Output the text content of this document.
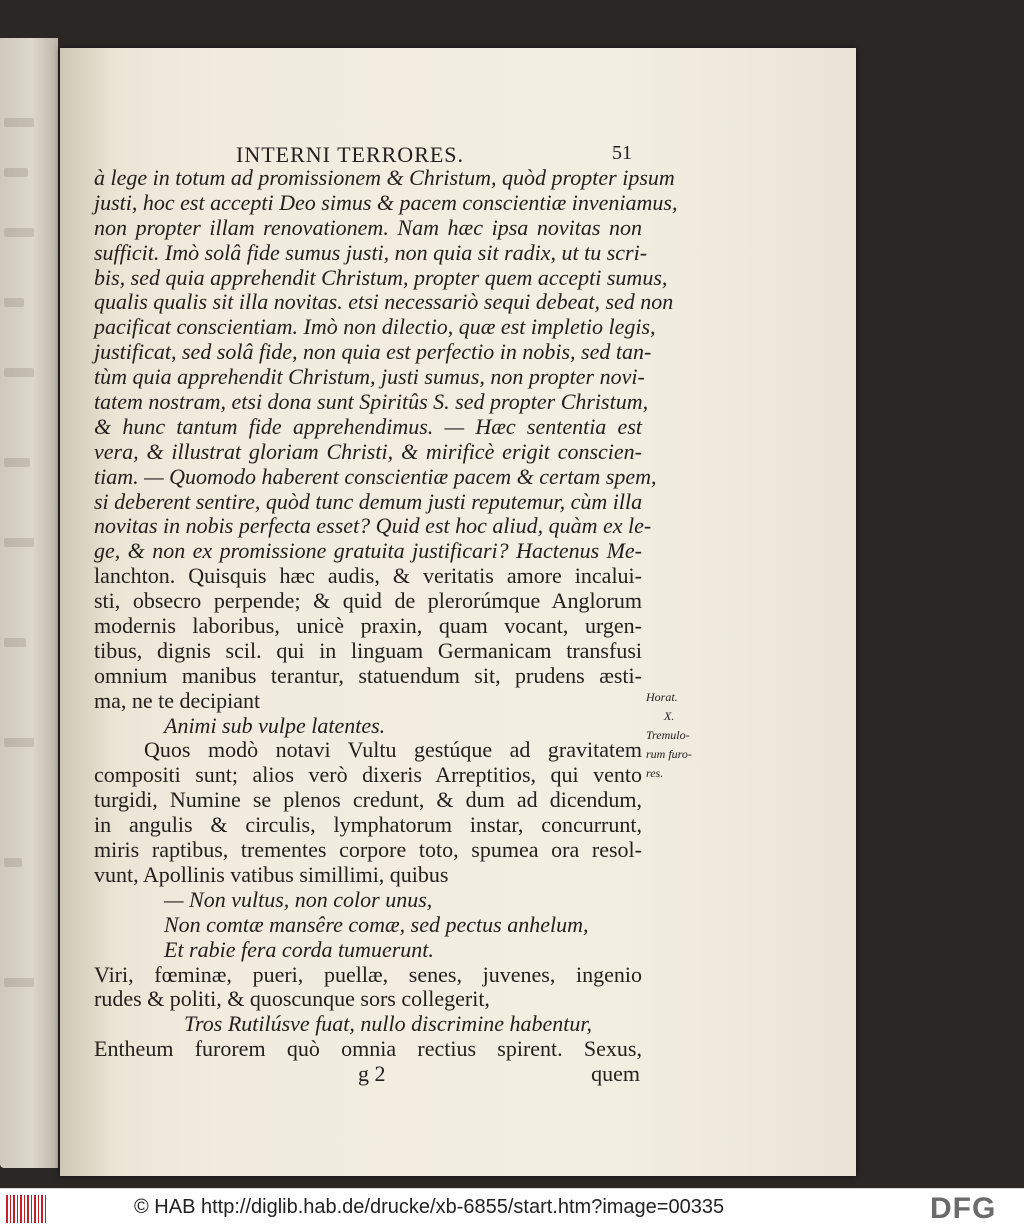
INTERNI TERRORES.	51
à lege in totum ad promissionem & Christum, quòd propter ipsum
justi, hoc est accepti Deo simus & pacem conscientiæ inveniamus,
non propter illam renovationem. Nam hæc ipsa novitas non
sufficit. Imò solâ fide sumus justi, non quia sit radix, ut tu scri-
bis, sed quia apprehendit Christum, propter quem accepti sumus,
qualis qualis sit illa novitas. etsi necessariò sequi debeat, sed non
pacificat conscientiam. Imò non dilectio, quæ est impletio legis,
justificat, sed solâ fide, non quia est perfectio in nobis, sed tan-
tùm quia apprehendit Christum, justi sumus, non propter novi-
tatem nostram, etsi dona sunt Spiritûs S. sed propter Christum,
& hunc tantum fide apprehendimus. — Hæc sententia est
vera, & illustrat gloriam Christi, & mirificè erigit conscien-
tiam. — Quomodo haberent conscientiæ pacem & certam spem,
si deberent sentire, quòd tunc demum justi reputemur, cùm illa
novitas in nobis perfecta esset? Quid est hoc aliud, quàm ex le-
ge, & non ex promissione gratuita justificari? Hactenus Me-
lanchton. Quisquis hæc audis, & veritatis amore incalui-
sti, obsecro perpende; & quid de plerorúmque Anglorum
modernis laboribus, unicè praxin, quam vocant, urgen-
tibus, dignis scil. qui in linguam Germanicam transfusi
omnium manibus terantur, statuendum sit, prudens æsti-
ma, ne te decipiant
Animi sub vulpe latentes.
Quos modò notavi Vultu gestúque ad gravitatem
compositi sunt; alios verò dixeris Arreptitios, qui vento
turgidi, Numine se plenos credunt, & dum ad dicendum,
in angulis & circulis, lymphatorum instar, concurrunt,
miris raptibus, trementes corpore toto, spumea ora resol-
vunt, Apollinis vatibus simillimi, quibus
— Non vultus, non color unus,
Non comtæ mansêre comæ, sed pectus anhelum,
Et rabie fera corda tumuerunt.
Viri, fœminæ, pueri, puellæ, senes, juvenes, ingenio
rudes & politi, & quoscunque sors collegerit,
Tros Rutilúsve fuat, nullo discrimine habentur,
Entheum furorem quò omnia rectius spirent. Sexus,
g 2	quem
Horat.
X.
Tremulo-
rum furo-
res.
© HAB http://diglib.hab.de/drucke/xb-6855/start.htm?image=00335	DFG
